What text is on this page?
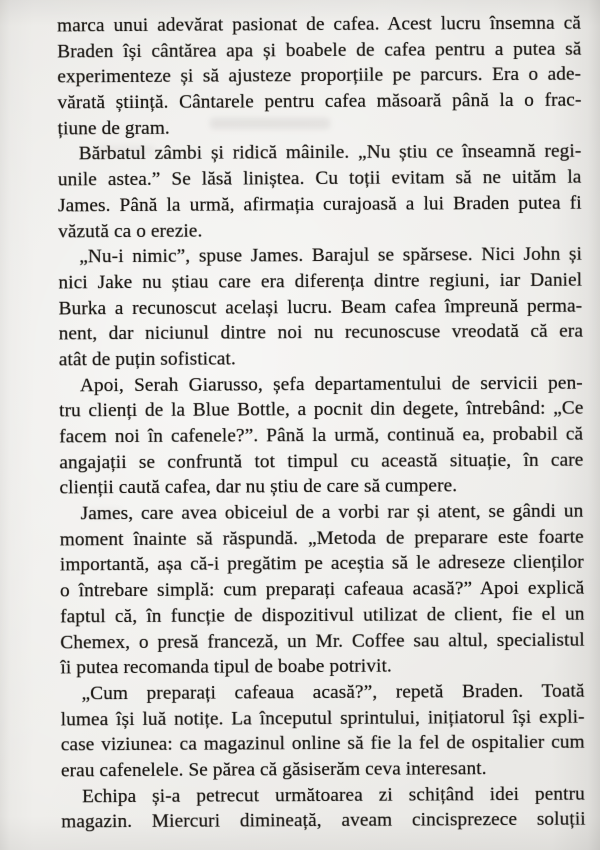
marca unui adevărat pasionat de cafea. Acest lucru însemna că
Braden își cântărea apa și boabele de cafea pentru a putea să
experimenteze și să ajusteze proporțiile pe parcurs. Era o ade-
vărată știință. Cântarele pentru cafea măsoară până la o frac-
țiune de gram.
Bărbatul zâmbi și ridică mâinile. „Nu știu ce înseamnă regi-
unile astea.” Se lăsă liniștea. Cu toții evitam să ne uităm la
James. Până la urmă, afirmația curajoasă a lui Braden putea fi
văzută ca o erezie.
„Nu-i nimic”, spuse James. Barajul se spărsese. Nici John și
nici Jake nu știau care era diferența dintre regiuni, iar Daniel
Burka a recunoscut același lucru. Beam cafea împreună perma-
nent, dar niciunul dintre noi nu recunoscuse vreodată că era
atât de puțin sofisticat.
Apoi, Serah Giarusso, șefa departamentului de servicii pen-
tru clienți de la Blue Bottle, a pocnit din degete, întrebând: „Ce
facem noi în cafenele?”. Până la urmă, continuă ea, probabil că
angajații se confruntă tot timpul cu această situație, în care
clienții caută cafea, dar nu știu de care să cumpere.
James, care avea obiceiul de a vorbi rar și atent, se gândi un
moment înainte să răspundă. „Metoda de preparare este foarte
importantă, așa că-i pregătim pe aceștia să le adreseze clienților
o întrebare simplă: cum preparați cafeaua acasă?” Apoi explică
faptul că, în funcție de dispozitivul utilizat de client, fie el un
Chemex, o presă franceză, un Mr. Coffee sau altul, specialistul
îi putea recomanda tipul de boabe potrivit.
„Cum preparați cafeaua acasă?”, repetă Braden. Toată
lumea își luă notițe. La începutul sprintului, inițiatorul își expli-
case viziunea: ca magazinul online să fie la fel de ospitalier cum
erau cafenelele. Se părea că găsiserăm ceva interesant.
Echipa și-a petrecut următoarea zi schițând idei pentru
magazin. Miercuri dimineață, aveam cincisprezece soluții
